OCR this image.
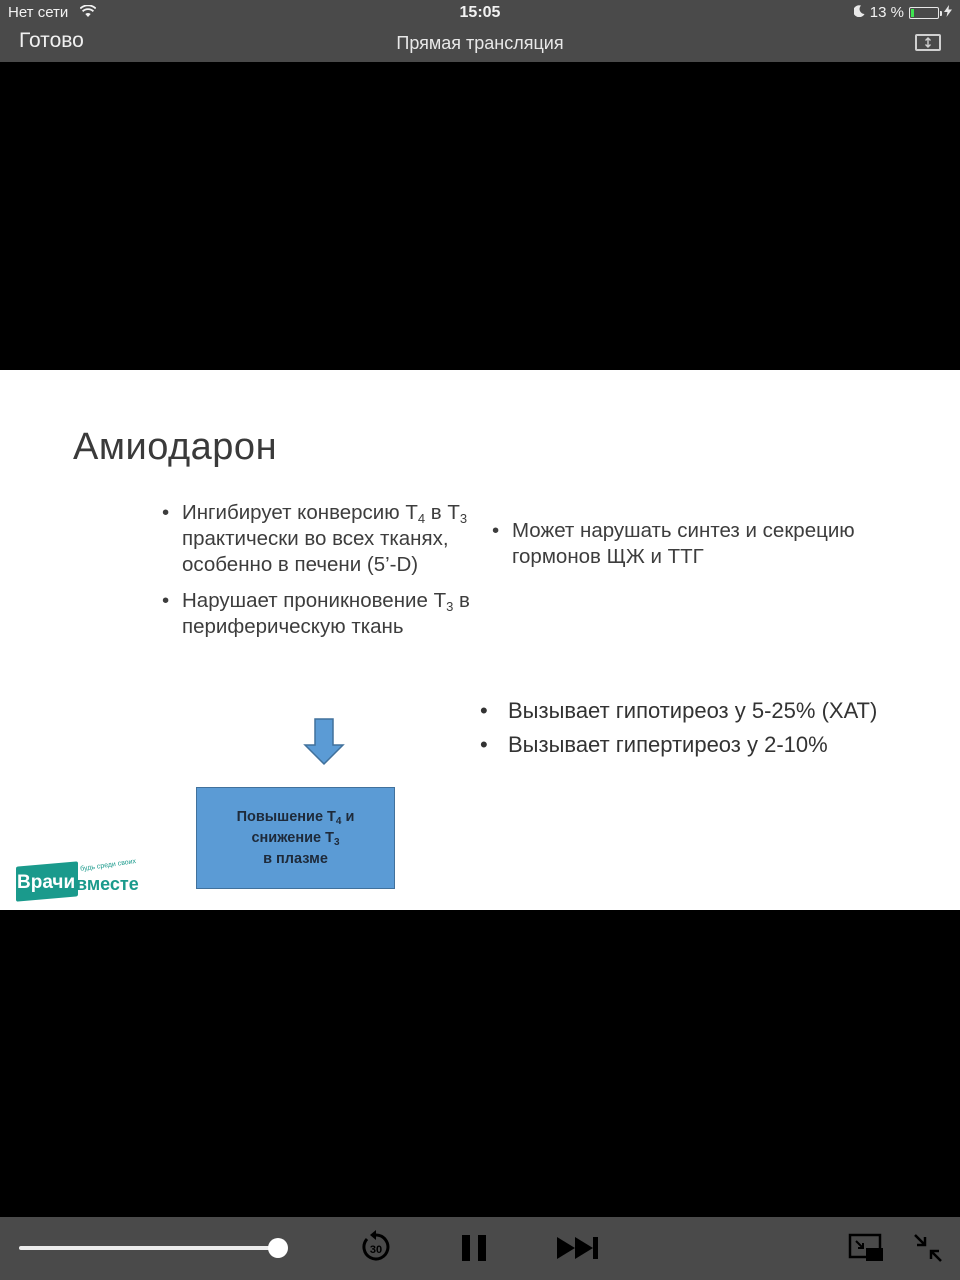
Нет сети	15:05	13 %
Готово	Прямая трансляция
Амиодарон
• Ингибирует конверсию $T_4$ в $T_3$ практически во всех тканях, особенно в печени (5’-D)
• Нарушает проникновение $T_3$ в периферическую ткань
• Может нарушать синтез и секрецию гормонов ЩЖ и ТТГ
• Вызывает гипотиреоз у 5-25% (ХАТ)
• Вызывает гипертиреоз у 2-10%
Повышение $T_4$ и
снижение $T_3$
в плазме
Врачи вместе
будь среди своих
30
